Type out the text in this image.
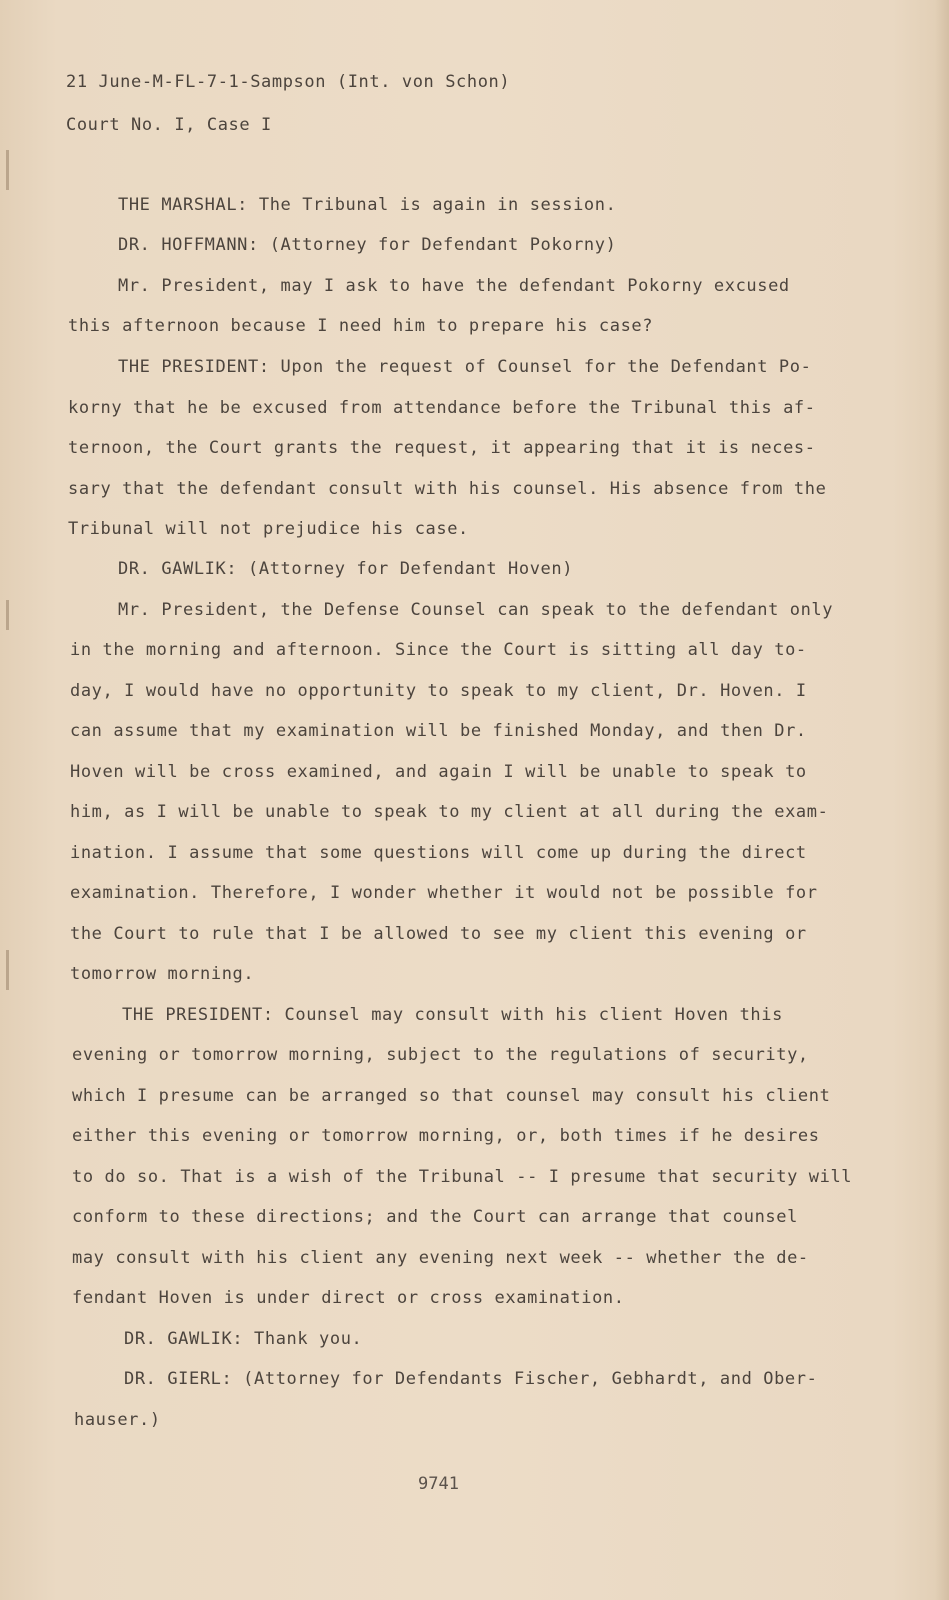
21 June-M-FL-7-1-Sampson (Int. von Schon)
Court No. I, Case I
THE MARSHAL: The Tribunal is again in session.
DR. HOFFMANN: (Attorney for Defendant Pokorny)
Mr. President, may I ask to have the defendant Pokorny excused
this afternoon because I need him to prepare his case?
THE PRESIDENT: Upon the request of Counsel for the Defendant Po-
korny that he be excused from attendance before the Tribunal this af-
ternoon, the Court grants the request, it appearing that it is neces-
sary that the defendant consult with his counsel. His absence from the
Tribunal will not prejudice his case.
DR. GAWLIK: (Attorney for Defendant Hoven)
Mr. President, the Defense Counsel can speak to the defendant only
in the morning and afternoon. Since the Court is sitting all day to-
day, I would have no opportunity to speak to my client, Dr. Hoven. I
can assume that my examination will be finished Monday, and then Dr.
Hoven will be cross examined, and again I will be unable to speak to
him, as I will be unable to speak to my client at all during the exam-
ination. I assume that some questions will come up during the direct
examination. Therefore, I wonder whether it would not be possible for
the Court to rule that I be allowed to see my client this evening or
tomorrow morning.
THE PRESIDENT: Counsel may consult with his client Hoven this
evening or tomorrow morning, subject to the regulations of security,
which I presume can be arranged so that counsel may consult his client
either this evening or tomorrow morning, or, both times if he desires
to do so. That is a wish of the Tribunal -- I presume that security will
conform to these directions; and the Court can arrange that counsel
may consult with his client any evening next week -- whether the de-
fendant Hoven is under direct or cross examination.
DR. GAWLIK: Thank you.
DR. GIERL: (Attorney for Defendants Fischer, Gebhardt, and Ober-
hauser.)
9741
